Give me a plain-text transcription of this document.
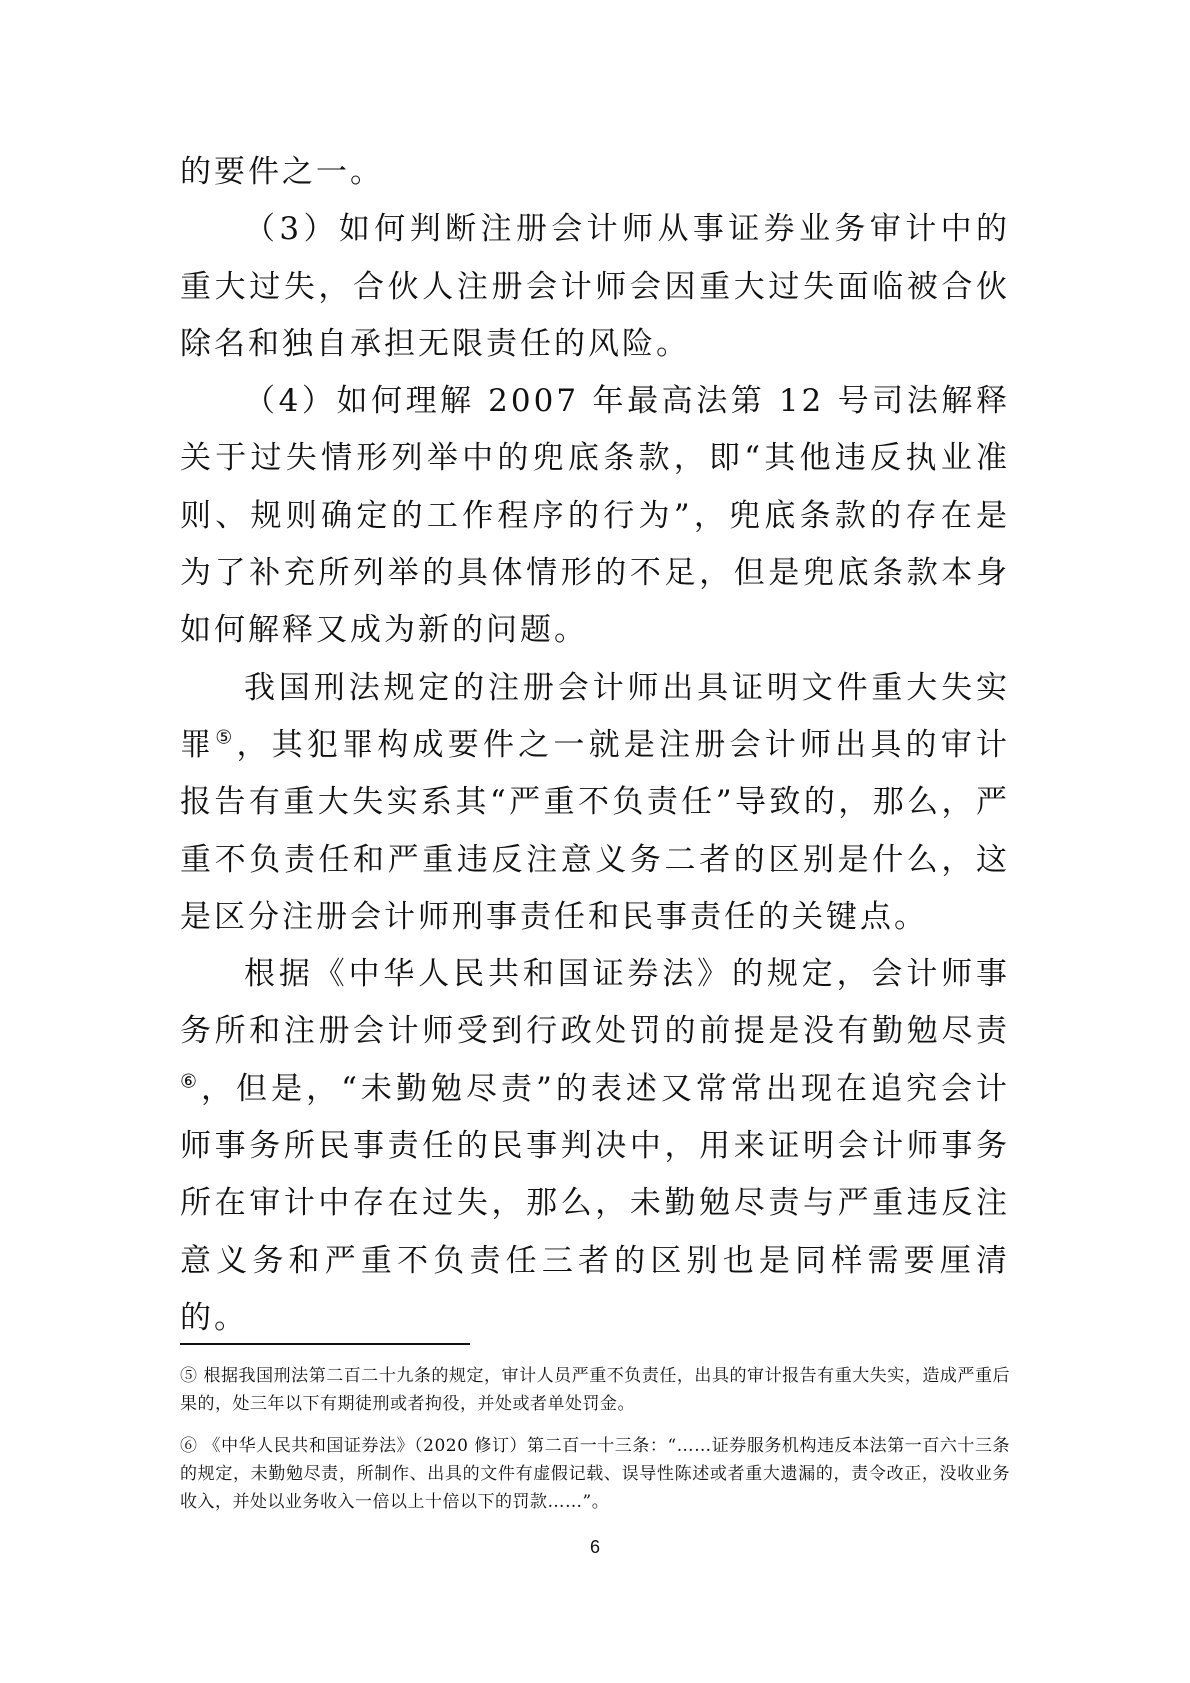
的要件之一。

（3）如何判断注册会计师从事证券业务审计中的重大过失，合伙人注册会计师会因重大过失面临被合伙除名和独自承担无限责任的风险。

（4）如何理解 2007 年最高法第 12 号司法解释关于过失情形列举中的兜底条款，即“其他违反执业准则、规则确定的工作程序的行为”，兜底条款的存在是为了补充所列举的具体情形的不足，但是兜底条款本身如何解释又成为新的问题。

我国刑法规定的注册会计师出具证明文件重大失实罪⑤，其犯罪构成要件之一就是注册会计师出具的审计报告有重大失实系其“严重不负责任”导致的，那么，严重不负责任和严重违反注意义务二者的区别是什么，这是区分注册会计师刑事责任和民事责任的关键点。

根据《中华人民共和国证券法》的规定，会计师事务所和注册会计师受到行政处罚的前提是没有勤勉尽责⑥，但是，“未勤勉尽责”的表述又常常出现在追究会计师事务所民事责任的民事判决中，用来证明会计师事务所在审计中存在过失，那么，未勤勉尽责与严重违反注意义务和严重不负责任三者的区别也是同样需要厘清的。

⑤ 根据我国刑法第二百二十九条的规定，审计人员严重不负责任，出具的审计报告有重大失实，造成严重后果的，处三年以下有期徒刑或者拘役，并处或者单处罚金。

⑥ 《中华人民共和国证券法》（2020 修订）第二百一十三条：“……证券服务机构违反本法第一百六十三条的规定，未勤勉尽责，所制作、出具的文件有虚假记载、误导性陈述或者重大遗漏的，责令改正，没收业务收入，并处以业务收入一倍以上十倍以下的罚款……”。

6
